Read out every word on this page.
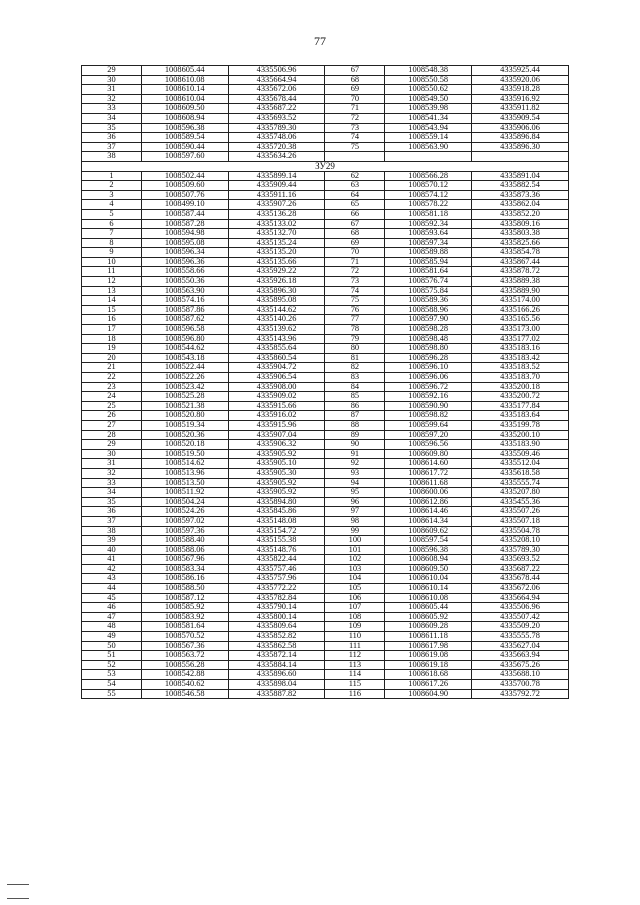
77
29	1008605.44	4335506.96	67	1008548.38	4335925.44
30	1008610.08	4335664.94	68	1008550.58	4335920.06
31	1008610.14	4335672.06	69	1008550.62	4335918.28
32	1008610.04	4335678.44	70	1008549.50	4335916.92
33	1008609.50	4335687.22	71	1008539.98	4335911.82
34	1008608.94	4335693.52	72	1008541.34	4335909.54
35	1008596.38	4335789.30	73	1008543.94	4335906.06
36	1008589.54	4335748.06	74	1008559.14	4335896.84
37	1008590.44	4335720.38	75	1008563.90	4335896.30
38	1008597.60	4335634.26			
ЗУ29					
1	1008502.44	4335899.14	62	1008566.28	4335891.04
2	1008509.60	4335909.44	63	1008570.12	4335882.54
3	1008507.76	4335911.16	64	1008574.12	4335873.36
4	1008499.10	4335907.26	65	1008578.22	4335862.04
5	1008587.44	4335136.28	66	1008581.18	4335852.20
6	1008587.28	4335133.02	67	1008592.34	4335809.16
7	1008594.98	4335132.70	68	1008593.64	4335803.38
8	1008595.08	4335135.24	69	1008597.34	4335825.66
9	1008596.34	4335135.20	70	1008589.88	4335854.78
10	1008596.36	4335135.66	71	1008585.94	4335867.44
11	1008558.66	4335929.22	72	1008581.64	4335878.72
12	1008550.36	4335926.18	73	1008576.74	4335889.38
13	1008563.90	4335896.30	74	1008575.84	4335889.90
14	1008574.16	4335895.08	75	1008589.36	4335174.00
15	1008587.86	4335144.62	76	1008588.96	4335166.26
16	1008587.62	4335140.26	77	1008597.90	4335165.56
17	1008596.58	4335139.62	78	1008598.28	4335173.00
18	1008596.80	4335143.96	79	1008598.48	4335177.02
19	1008544.62	4335855.64	80	1008598.80	4335183.16
20	1008543.18	4335860.54	81	1008596.28	4335183.42
21	1008522.44	4335904.72	82	1008596.10	4335183.52
22	1008522.26	4335906.54	83	1008596.06	4335183.70
23	1008523.42	4335908.00	84	1008596.72	4335200.18
24	1008525.28	4335909.02	85	1008592.16	4335200.72
25	1008521.38	4335915.66	86	1008590.90	4335177.84
26	1008520.80	4335916.02	87	1008598.82	4335183.64
27	1008519.34	4335915.96	88	1008599.64	4335199.78
28	1008520.36	4335907.04	89	1008597.20	4335200.10
29	1008520.18	4335906.32	90	1008596.56	4335183.90
30	1008519.50	4335905.92	91	1008609.80	4335509.46
31	1008514.62	4335905.10	92	1008614.60	4335512.04
32	1008513.96	4335905.30	93	1008617.72	4335618.58
33	1008513.50	4335905.92	94	1008611.68	4335555.74
34	1008511.92	4335905.92	95	1008600.06	4335207.80
35	1008504.24	4335894.80	96	1008612.86	4335455.36
36	1008524.26	4335845.86	97	1008614.46	4335507.26
37	1008597.02	4335148.08	98	1008614.34	4335507.18
38	1008597.36	4335154.72	99	1008609.62	4335504.78
39	1008588.40	4335155.38	100	1008597.54	4335208.10
40	1008588.06	4335148.76	101	1008596.38	4335789.30
41	1008567.96	4335822.44	102	1008608.94	4335693.52
42	1008583.34	4335757.46	103	1008609.50	4335687.22
43	1008586.16	4335757.96	104	1008610.04	4335678.44
44	1008588.50	4335772.22	105	1008610.14	4335672.06
45	1008587.12	4335782.84	106	1008610.08	4335664.94
46	1008585.92	4335790.14	107	1008605.44	4335506.96
47	1008583.92	4335800.14	108	1008605.92	4335507.42
48	1008581.64	4335809.64	109	1008609.28	4335509.20
49	1008570.52	4335852.82	110	1008611.18	4335555.78
50	1008567.36	4335862.58	111	1008617.98	4335627.04
51	1008563.72	4335872.14	112	1008619.08	4335663.94
52	1008556.28	4335884.14	113	1008619.18	4335675.26
53	1008542.88	4335896.60	114	1008618.68	4335688.10
54	1008540.62	4335898.04	115	1008617.26	4335700.78
55	1008546.58	4335887.82	116	1008604.90	4335792.72
